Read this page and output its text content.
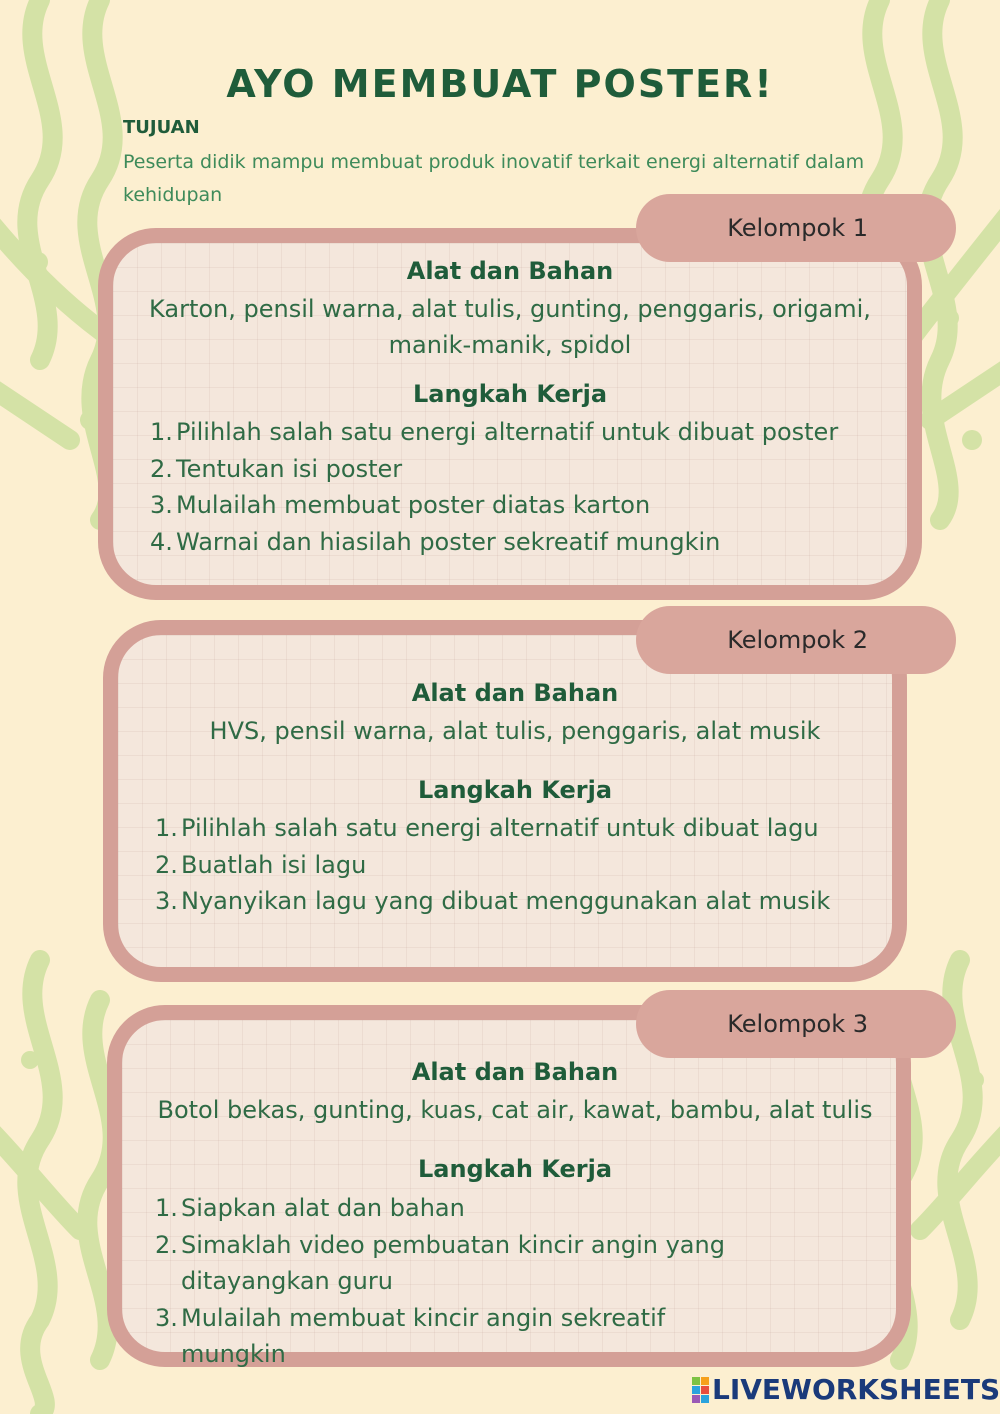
AYO MEMBUAT POSTER!
TUJUAN
Peserta didik mampu membuat produk inovatif terkait energi alternatif dalam kehidupan
Kelompok 1
Alat dan Bahan
Karton, pensil warna, alat tulis, gunting, penggaris, origami, manik-manik, spidol
Langkah Kerja
1. Pilihlah salah satu energi alternatif untuk dibuat poster
2. Tentukan isi poster
3. Mulailah membuat poster diatas karton
4. Warnai dan hiasilah poster sekreatif mungkin
Kelompok 2
Alat dan Bahan
HVS, pensil warna, alat tulis, penggaris, alat musik
Langkah Kerja
1. Pilihlah salah satu energi alternatif untuk dibuat lagu
2. Buatlah isi lagu
3. Nyanyikan lagu yang dibuat menggunakan alat musik
Kelompok 3
Alat dan Bahan
Botol bekas, gunting, kuas, cat air, kawat, bambu, alat tulis
Langkah Kerja
1. Siapkan alat dan bahan
2. Simaklah video pembuatan kincir angin yang ditayangkan guru
3. Mulailah membuat kincir angin sekreatif mungkin
LIVEWORKSHEETS
